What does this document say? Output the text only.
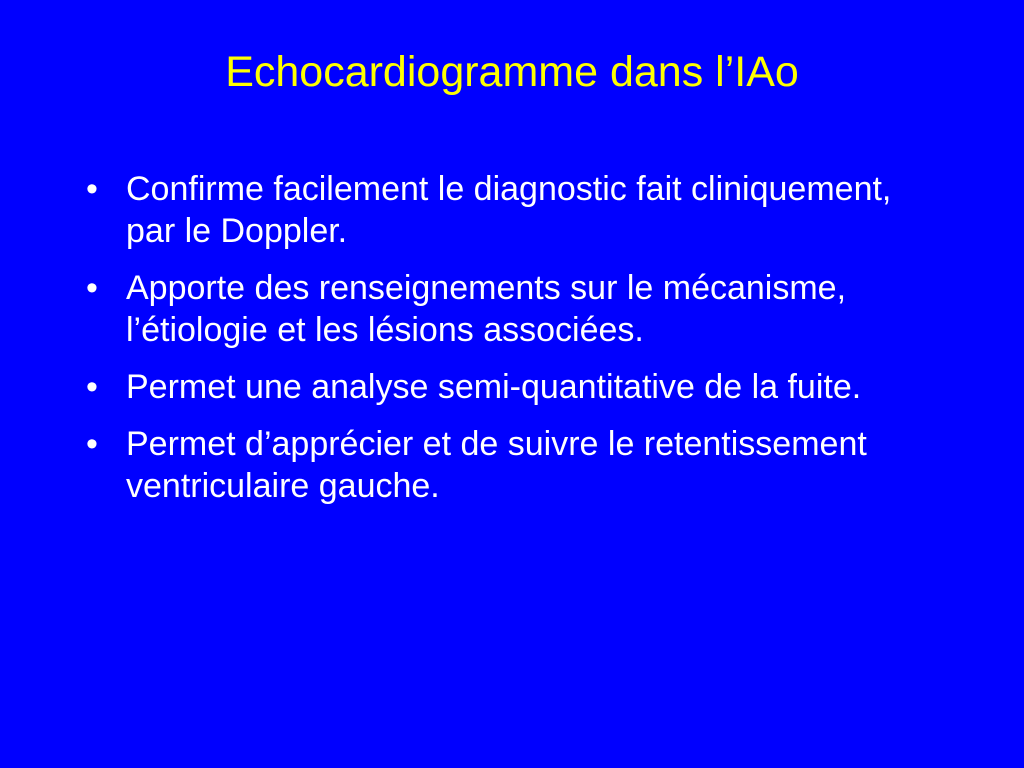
Echocardiogramme dans l’IAo
• Confirme facilement le diagnostic fait cliniquement, par le Doppler.
• Apporte des renseignements sur le mécanisme, l’étiologie et les lésions associées.
• Permet une analyse semi-quantitative de la fuite.
• Permet d’apprécier et de suivre le retentissement ventriculaire gauche.
